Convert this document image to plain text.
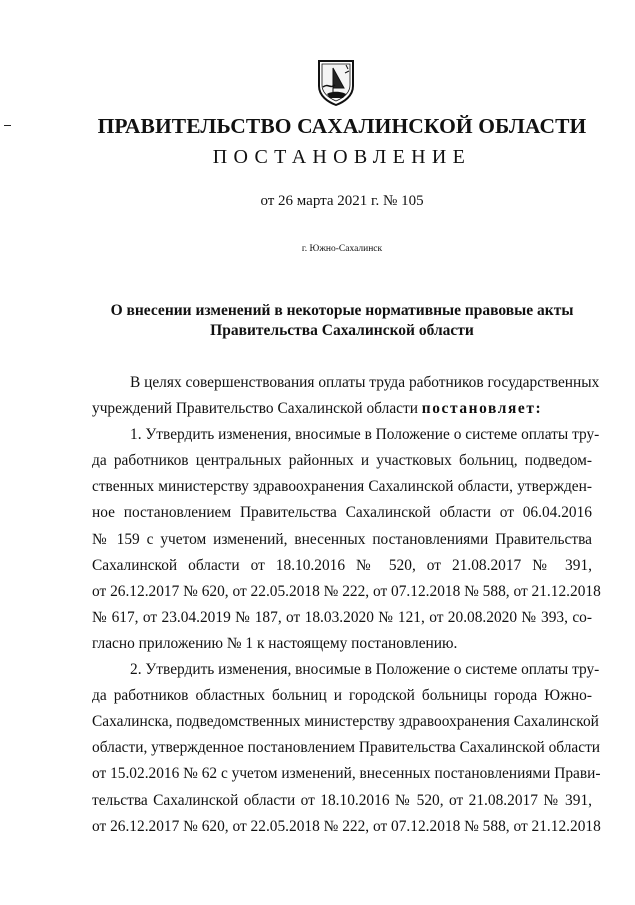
ПРАВИТЕЛЬСТВО САХАЛИНСКОЙ ОБЛАСТИ
ПОСТАНОВЛЕНИЕ
от 26 марта 2021 г. № 105
г. Южно-Сахалинск
О внесении изменений в некоторые нормативные правовые акты
Правительства Сахалинской области
В целях совершенствования оплаты труда работников государственных
учреждений Правительство Сахалинской области постановляет:
1. Утвердить изменения, вносимые в Положение о системе оплаты тру-
да работников центральных районных и участковых больниц, подведом-
ственных министерству здравоохранения Сахалинской области, утвержден-
ное постановлением Правительства Сахалинской области от 06.04.2016
№ 159 с учетом изменений, внесенных постановлениями Правительства
Сахалинской области от 18.10.2016 № 520, от 21.08.2017 № 391,
от 26.12.2017 № 620, от 22.05.2018 № 222, от 07.12.2018 № 588, от 21.12.2018
№ 617, от 23.04.2019 № 187, от 18.03.2020 № 121, от 20.08.2020 № 393, со-
гласно приложению № 1 к настоящему постановлению.
2. Утвердить изменения, вносимые в Положение о системе оплаты тру-
да работников областных больниц и городской больницы города Южно-
Сахалинска, подведомственных министерству здравоохранения Сахалинской
области, утвержденное постановлением Правительства Сахалинской области
от 15.02.2016 № 62 с учетом изменений, внесенных постановлениями Прави-
тельства Сахалинской области от 18.10.2016 № 520, от 21.08.2017 № 391,
от 26.12.2017 № 620, от 22.05.2018 № 222, от 07.12.2018 № 588, от 21.12.2018
